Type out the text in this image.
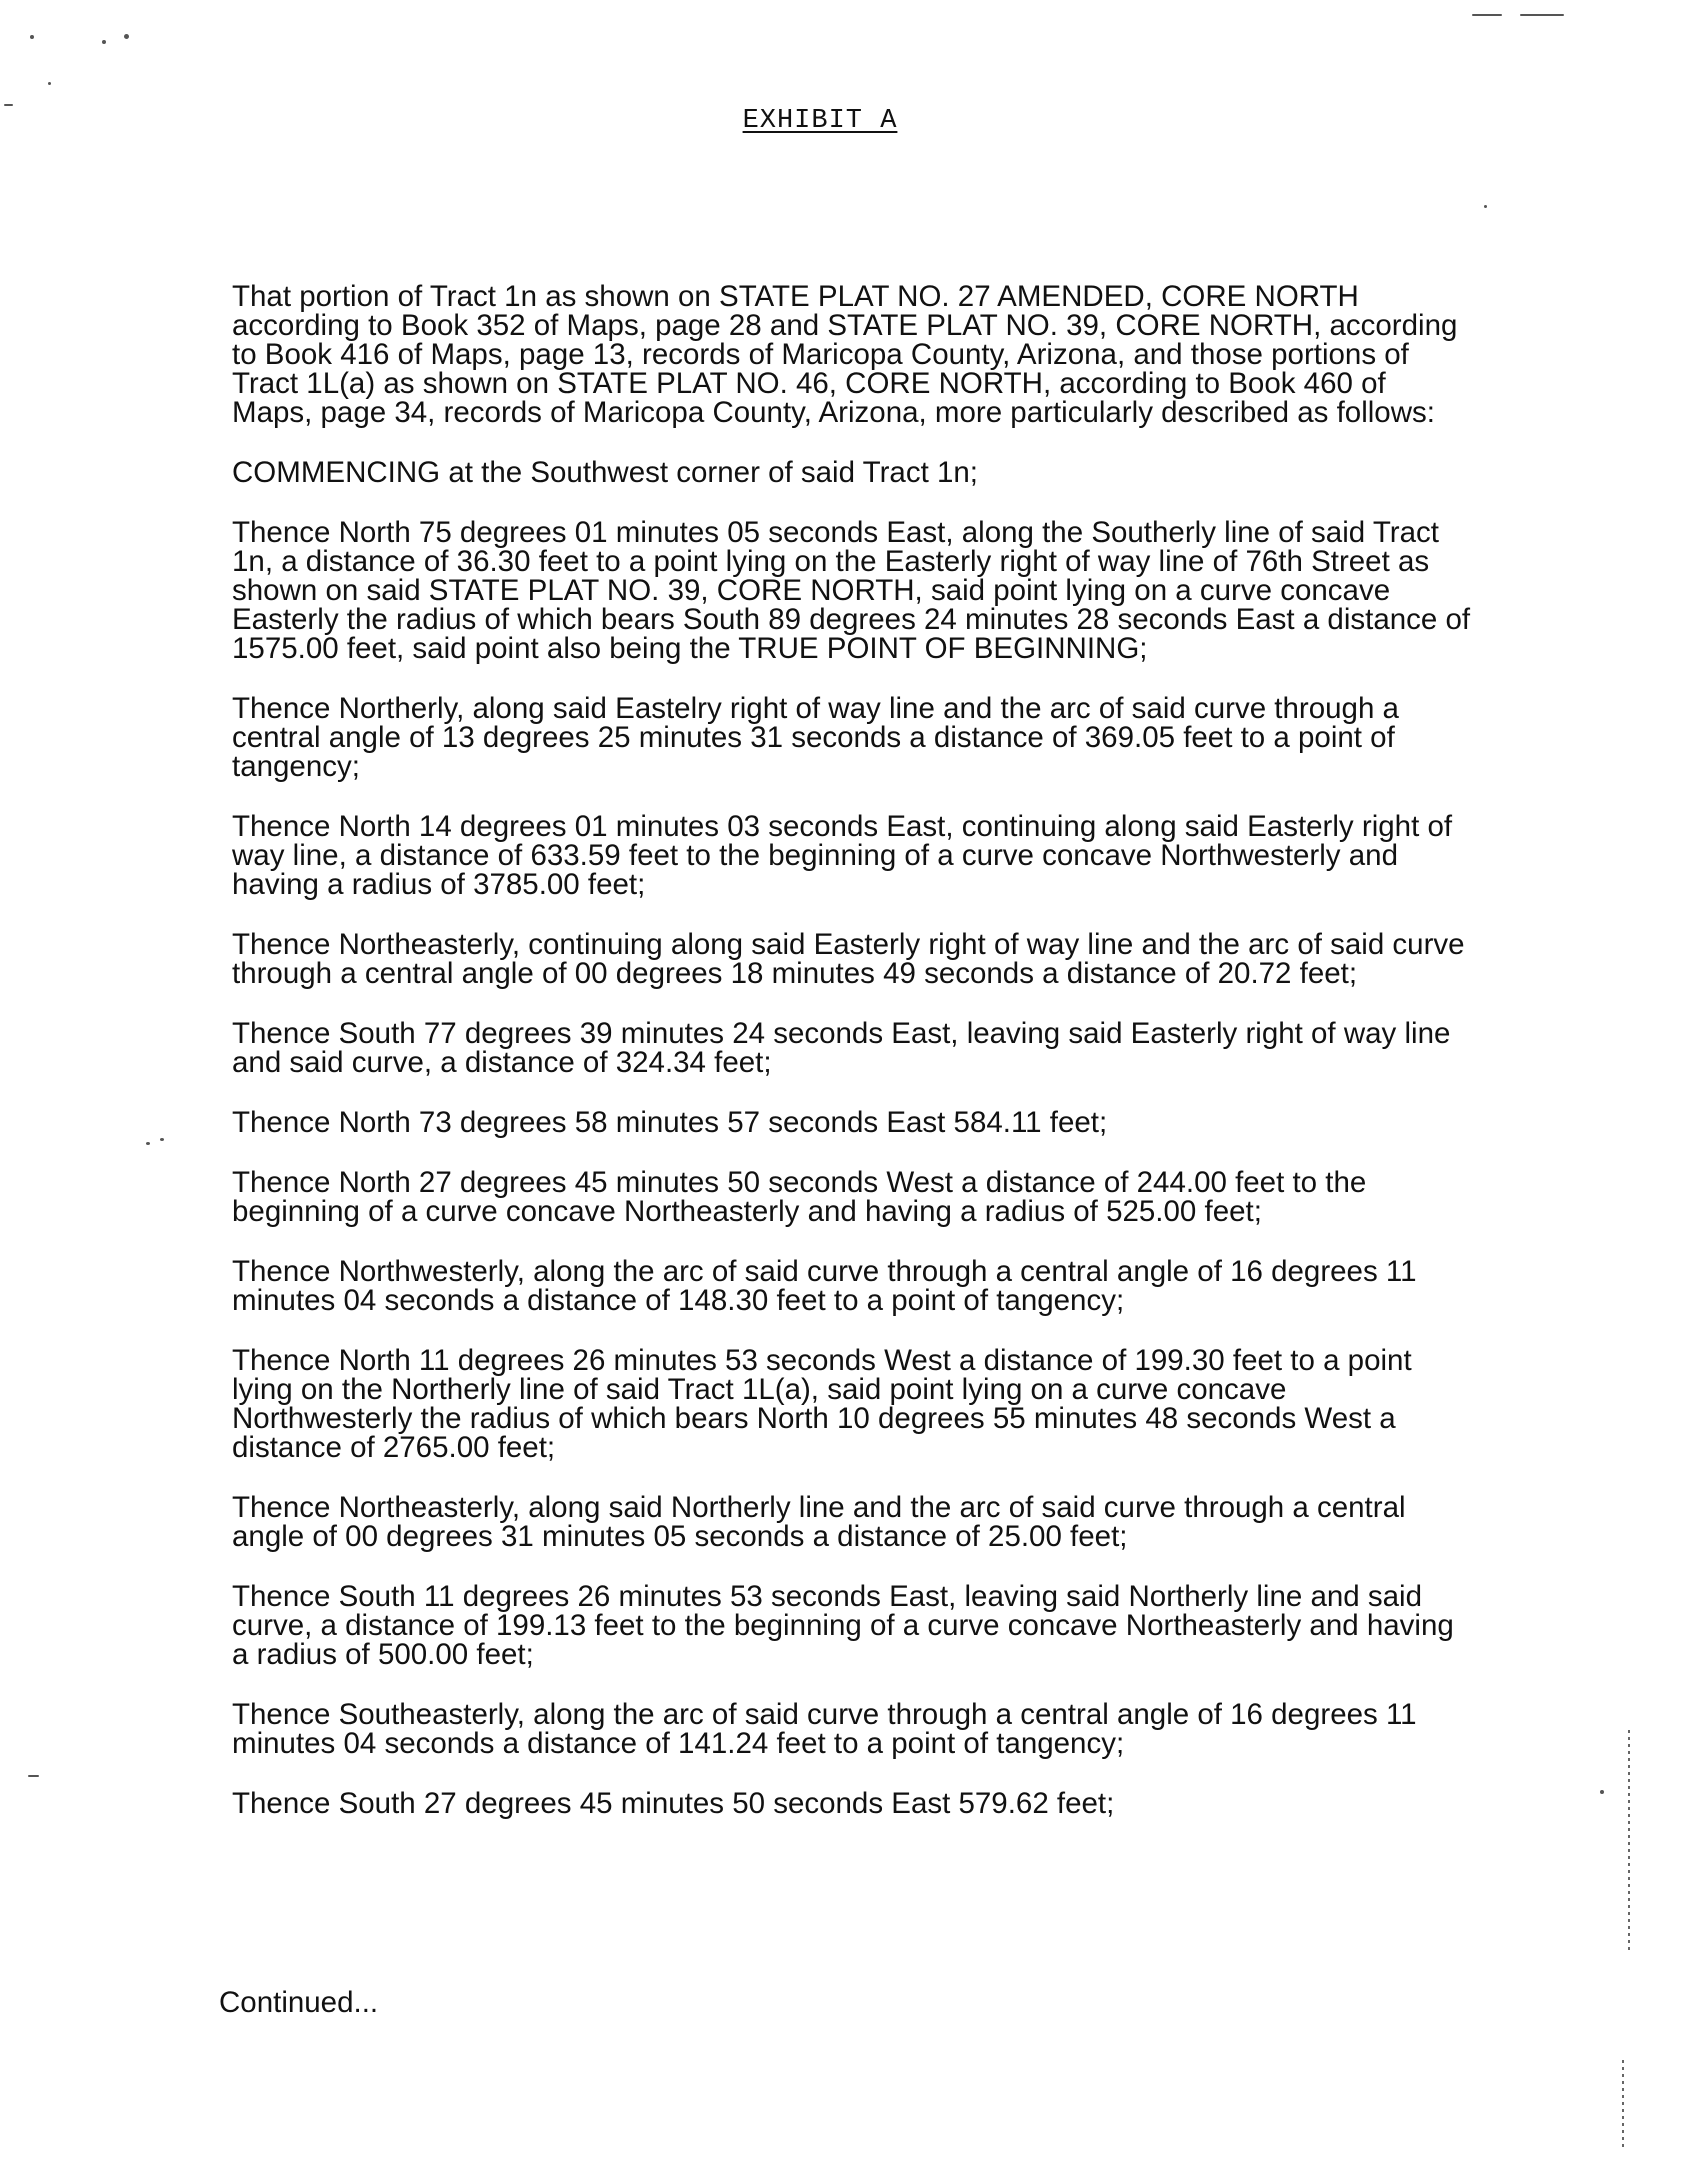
EXHIBIT A

That portion of Tract 1n as shown on STATE PLAT NO. 27 AMENDED, CORE NORTH according to Book 352 of Maps, page 28 and STATE PLAT NO. 39, CORE NORTH, according to Book 416 of Maps, page 13, records of Maricopa County, Arizona, and those portions of Tract 1L(a) as shown on STATE PLAT NO. 46, CORE NORTH, according to Book 460 of Maps, page 34, records of Maricopa County, Arizona, more particularly described as follows:

COMMENCING at the Southwest corner of said Tract 1n;

Thence North 75 degrees 01 minutes 05 seconds East, along the Southerly line of said Tract 1n, a distance of 36.30 feet to a point lying on the Easterly right of way line of 76th Street as shown on said STATE PLAT NO. 39, CORE NORTH, said point lying on a curve concave Easterly the radius of which bears South 89 degrees 24 minutes 28 seconds East a distance of 1575.00 feet, said point also being the TRUE POINT OF BEGINNING;

Thence Northerly, along said Eastelry right of way line and the arc of said curve through a central angle of 13 degrees 25 minutes 31 seconds a distance of 369.05 feet to a point of tangency;

Thence North 14 degrees 01 minutes 03 seconds East, continuing along said Easterly right of way line, a distance of 633.59 feet to the beginning of a curve concave Northwesterly and having a radius of 3785.00 feet;

Thence Northeasterly, continuing along said Easterly right of way line and the arc of said curve through a central angle of 00 degrees 18 minutes 49 seconds a distance of 20.72 feet;

Thence South 77 degrees 39 minutes 24 seconds East, leaving said Easterly right of way line and said curve, a distance of 324.34 feet;

Thence North 73 degrees 58 minutes 57 seconds East 584.11 feet;

Thence North 27 degrees 45 minutes 50 seconds West a distance of 244.00 feet to the beginning of a curve concave Northeasterly and having a radius of 525.00 feet;

Thence Northwesterly, along the arc of said curve through a central angle of 16 degrees 11 minutes 04 seconds a distance of 148.30 feet to a point of tangency;

Thence North 11 degrees 26 minutes 53 seconds West a distance of 199.30 feet to a point lying on the Northerly line of said Tract 1L(a), said point lying on a curve concave Northwesterly the radius of which bears North 10 degrees 55 minutes 48 seconds West a distance of 2765.00 feet;

Thence Northeasterly, along said Northerly line and the arc of said curve through a central angle of 00 degrees 31 minutes 05 seconds a distance of 25.00 feet;

Thence South 11 degrees 26 minutes 53 seconds East, leaving said Northerly line and said curve, a distance of 199.13 feet to the beginning of a curve concave Northeasterly and having a radius of 500.00 feet;

Thence Southeasterly, along the arc of said curve through a central angle of 16 degrees 11 minutes 04 seconds a distance of 141.24 feet to a point of tangency;

Thence South 27 degrees 45 minutes 50 seconds East 579.62 feet;

Continued...
